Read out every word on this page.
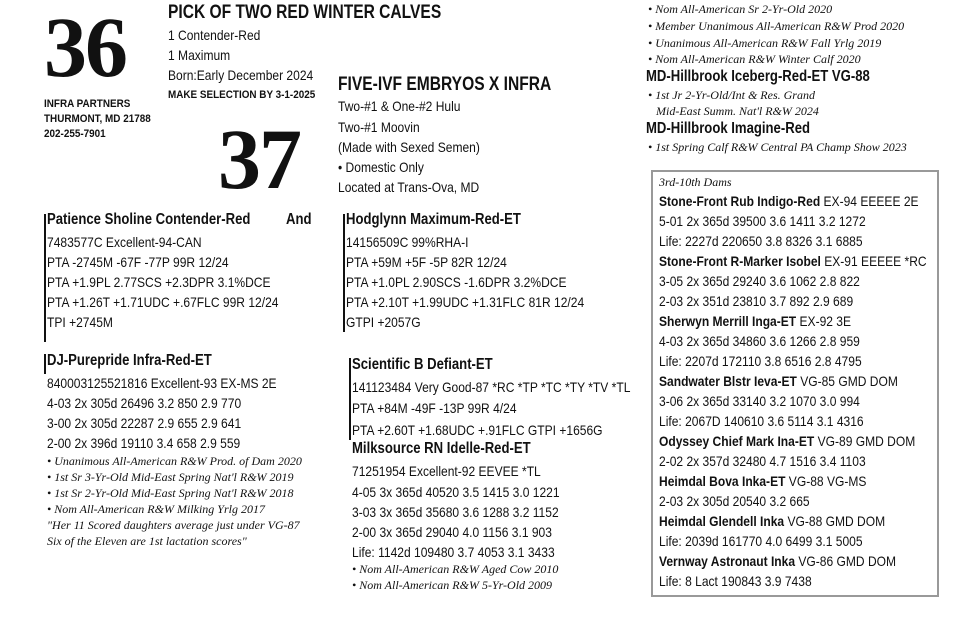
36 PICK OF TWO RED WINTER CALVES
1 Contender-Red
1 Maximum
Born:Early December 2024
MAKE SELECTION BY 3-1-2025
INFRA PARTNERS
THURMONT, MD 21788
202-255-7901 37
FIVE-IVF EMBRYOS X INFRA
Two-#1 & One-#2 Hulu
Two-#1 Moovin
(Made with Sexed Semen)
• Domestic Only
Located at Trans-Ova, MD
Patience Sholine Contender-Red And
7483577C Excellent-94-CAN
PTA -2745M -67F -77P 99R 12/24
PTA +1.9PL 2.77SCS +2.3DPR 3.1%DCE
PTA +1.26T +1.71UDC +.67FLC 99R 12/24
TPI +2745M
DJ-Purepride Infra-Red-ET
840003125521816 Excellent-93 EX-MS 2E
4-03 2x 305d 26496 3.2 850 2.9 770
3-00 2x 305d 22287 2.9 655 2.9 641
2-00 2x 396d 19110 3.4 658 2.9 559
• Unanimous All-American R&W Prod. of Dam 2020
• 1st Sr 3-Yr-Old Mid-East Spring Nat'l R&W 2019
• 1st Sr 2-Yr-Old Mid-East Spring Nat'l R&W 2018
• Nom All-American R&W Milking Yrlg 2017
"Her 11 Scored daughters average just under VG-87
Six of the Eleven are 1st lactation scores"
Hodglynn Maximum-Red-ET
14156509C 99%RHA-I
PTA +59M +5F -5P 82R 12/24
PTA +1.0PL 2.90SCS -1.6DPR 3.2%DCE
PTA +2.10T +1.99UDC +1.31FLC 81R 12/24
GTPI +2057G
Scientific B Defiant-ET
141123484 Very Good-87 *RC *TP *TC *TY *TV *TL
PTA +84M -49F -13P 99R 4/24
PTA +2.60T +1.68UDC +.91FLC GTPI +1656G
Milksource RN Idelle-Red-ET
71251954 Excellent-92 EEVEE *TL
4-05 3x 365d 40520 3.5 1415 3.0 1221
3-03 3x 365d 35680 3.6 1288 3.2 1152
2-00 3x 365d 29040 4.0 1156 3.1 903
Life: 1142d 109480 3.7 4053 3.1 3433
• Nom All-American R&W Aged Cow 2010
• Nom All-American R&W 5-Yr-Old 2009
• Nom All-American Sr 2-Yr-Old 2020
• Member Unanimous All-American R&W Prod 2020
• Unanimous All-American R&W Fall Yrlg 2019
• Nom All-American R&W Winter Calf 2020
MD-Hillbrook Iceberg-Red-ET VG-88
• 1st Jr 2-Yr-Old/Int & Res. Grand
Mid-East Summ. Nat'l R&W 2024
MD-Hillbrook Imagine-Red
• 1st Spring Calf R&W Central PA Champ Show 2023
3rd-10th Dams
Stone-Front Rub Indigo-Red EX-94 EEEEE 2E
5-01 2x 365d 39500 3.6 1411 3.2 1272
Life: 2227d 220650 3.8 8326 3.1 6885
Stone-Front R-Marker Isobel EX-91 EEEEE *RC
3-05 2x 365d 29240 3.6 1062 2.8 822
2-03 2x 351d 23810 3.7 892 2.9 689
Sherwyn Merrill Inga-ET EX-92 3E
4-03 2x 365d 34860 3.6 1266 2.8 959
Life: 2207d 172110 3.8 6516 2.8 4795
Sandwater Blstr Ieva-ET VG-85 GMD DOM
3-06 2x 365d 33140 3.2 1070 3.0 994
Life: 2067D 140610 3.6 5114 3.1 4316
Odyssey Chief Mark Ina-ET VG-89 GMD DOM
2-02 2x 357d 32480 4.7 1516 3.4 1103
Heimdal Bova Inka-ET VG-88 VG-MS
2-03 2x 305d 20540 3.2 665
Heimdal Glendell Inka VG-88 GMD DOM
Life: 2039d 161770 4.0 6499 3.1 5005
Vernway Astronaut Inka VG-86 GMD DOM
Life: 8 Lact 190843 3.9 7438
